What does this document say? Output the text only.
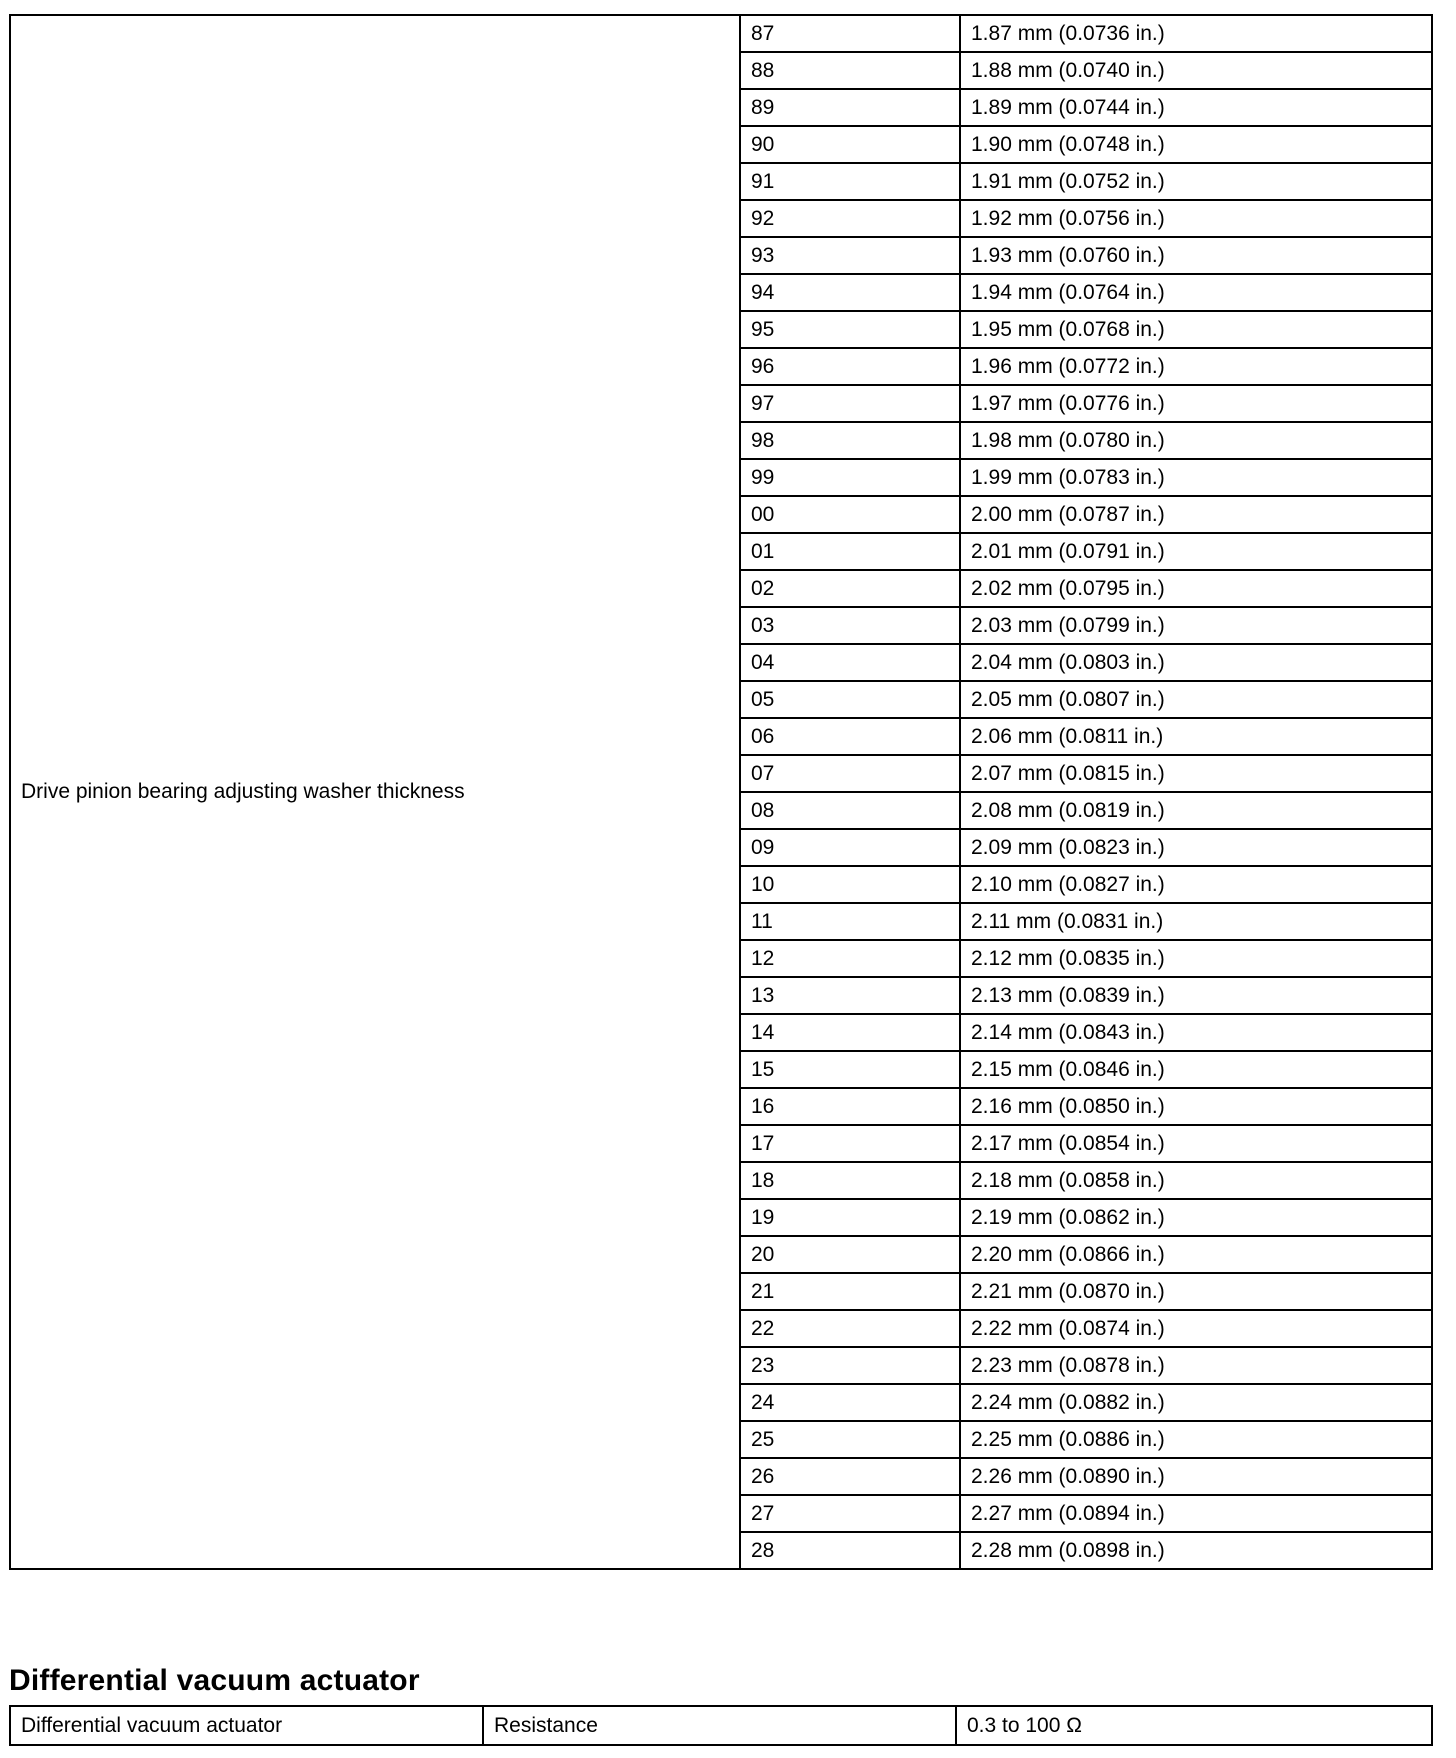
Drive pinion bearing adjusting washer thickness	87	1.87 mm (0.0736 in.)
	88	1.88 mm (0.0740 in.)
	89	1.89 mm (0.0744 in.)
	90	1.90 mm (0.0748 in.)
	91	1.91 mm (0.0752 in.)
	92	1.92 mm (0.0756 in.)
	93	1.93 mm (0.0760 in.)
	94	1.94 mm (0.0764 in.)
	95	1.95 mm (0.0768 in.)
	96	1.96 mm (0.0772 in.)
	97	1.97 mm (0.0776 in.)
	98	1.98 mm (0.0780 in.)
	99	1.99 mm (0.0783 in.)
	00	2.00 mm (0.0787 in.)
	01	2.01 mm (0.0791 in.)
	02	2.02 mm (0.0795 in.)
	03	2.03 mm (0.0799 in.)
	04	2.04 mm (0.0803 in.)
	05	2.05 mm (0.0807 in.)
	06	2.06 mm (0.0811 in.)
	07	2.07 mm (0.0815 in.)
	08	2.08 mm (0.0819 in.)
	09	2.09 mm (0.0823 in.)
	10	2.10 mm (0.0827 in.)
	11	2.11 mm (0.0831 in.)
	12	2.12 mm (0.0835 in.)
	13	2.13 mm (0.0839 in.)
	14	2.14 mm (0.0843 in.)
	15	2.15 mm (0.0846 in.)
	16	2.16 mm (0.0850 in.)
	17	2.17 mm (0.0854 in.)
	18	2.18 mm (0.0858 in.)
	19	2.19 mm (0.0862 in.)
	20	2.20 mm (0.0866 in.)
	21	2.21 mm (0.0870 in.)
	22	2.22 mm (0.0874 in.)
	23	2.23 mm (0.0878 in.)
	24	2.24 mm (0.0882 in.)
	25	2.25 mm (0.0886 in.)
	26	2.26 mm (0.0890 in.)
	27	2.27 mm (0.0894 in.)
	28	2.28 mm (0.0898 in.)
Differential vacuum actuator
Differential vacuum actuator	Resistance	0.3 to 100 Ω
